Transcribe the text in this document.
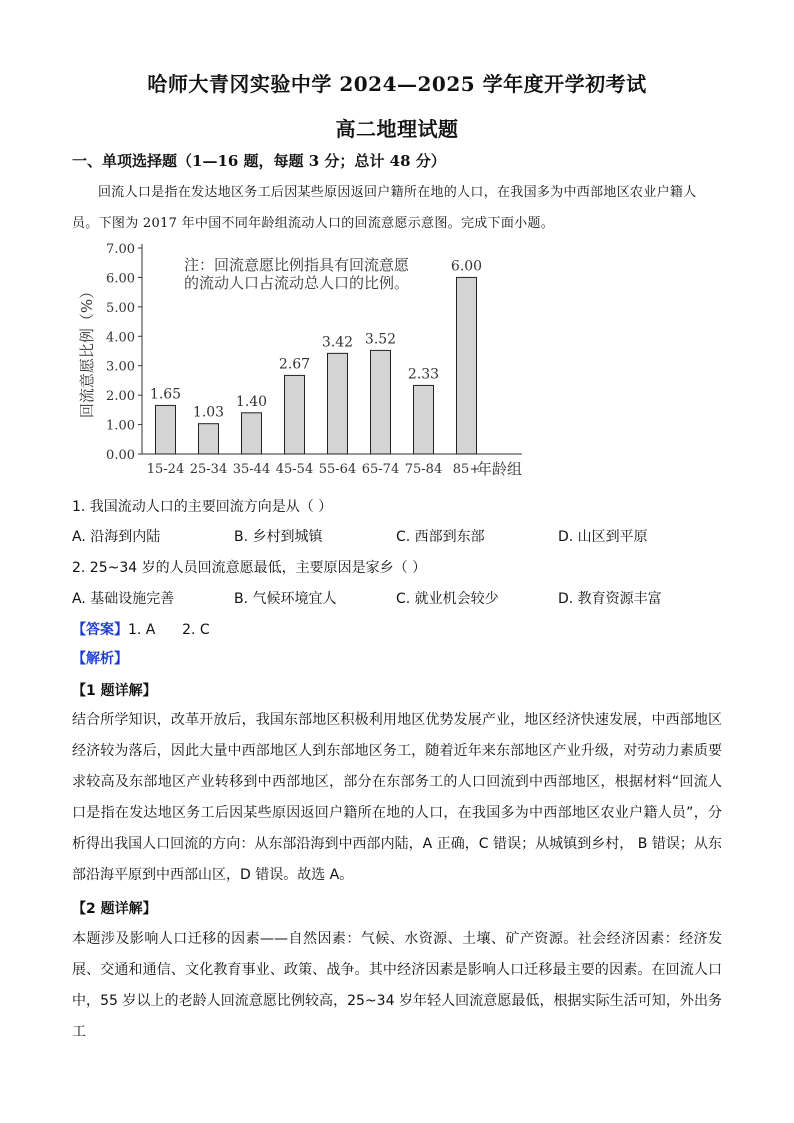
哈师大青冈实验中学 2024—2025 学年度开学初考试
高二地理试题
一、单项选择题（1—16 题，每题 3 分；总计 48 分）
回流人口是指在发达地区务工后因某些原因返回户籍所在地的人口，在我国多为中西部地区农业户籍人员。下图为 2017 年中国不同年龄组流动人口的回流意愿示意图。完成下面小题。
0.00
1.00
2.00
3.00
4.00
5.00
6.00
7.00
回流意愿比例（%）	1.65
15-24
1.03
25-34
1.40
35-44
2.67
45-54
3.42
55-64
3.52
65-74
2.33
75-84
6.00
85+
年龄组
注：回流意愿比例指具有回流意愿
的流动人口占流动总人口的比例。
1. 我国流动人口的主要回流方向是从（ ）
A. 沿海到内陆	B. 乡村到城镇	C. 西部到东部	D. 山区到平原
2. 25~34 岁的人员回流意愿最低，主要原因是家乡（ ）
A. 基础设施完善	B. 气候环境宜人	C. 就业机会较少	D. 教育资源丰富
【答案】1. A      2. C
【解析】
【1 题详解】
结合所学知识，改革开放后，我国东部地区积极利用地区优势发展产业，地区经济快速发展，中西部地区经济较为落后，因此大量中西部地区人到东部地区务工，随着近年来东部地区产业升级，对劳动力素质要求较高及东部地区产业转移到中西部地区，部分在东部务工的人口回流到中西部地区，根据材料“回流人口是指在发达地区务工后因某些原因返回户籍所在地的人口，在我国多为中西部地区农业户籍人员”，分析得出我国人口回流的方向：从东部沿海到中西部内陆，A 正确，C 错误；从城镇到乡村， B 错误；从东部沿海平原到中西部山区，D 错误。故选 A。
【2 题详解】
本题涉及影响人口迁移的因素——自然因素：气候、水资源、土壤、矿产资源。社会经济因素：经济发展、交通和通信、文化教育事业、政策、战争。其中经济因素是影响人口迁移最主要的因素。在回流人口中，55 岁以上的老龄人回流意愿比例较高，25~34 岁年轻人回流意愿最低，根据实际生活可知，外出务工
